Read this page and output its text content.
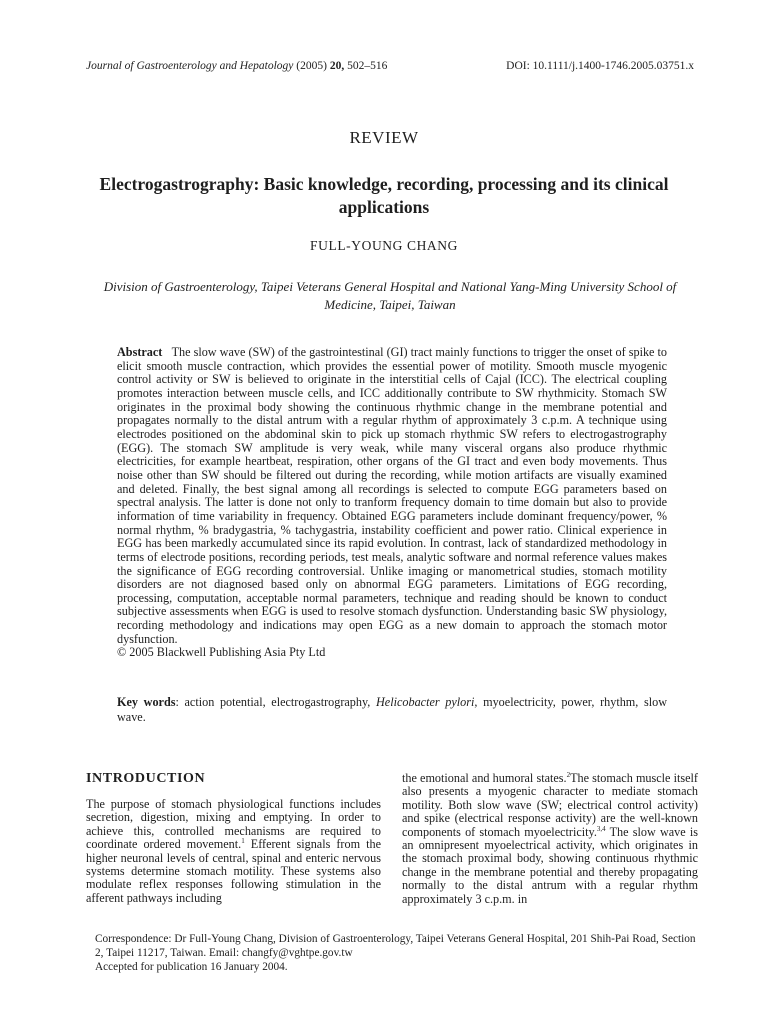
Journal of Gastroenterology and Hepatology (2005) 20, 502–516	DOI: 10.1111/j.1400-1746.2005.03751.x
REVIEW
Electrogastrography: Basic knowledge, recording, processing and its clinical applications
FULL-YOUNG CHANG
Division of Gastroenterology, Taipei Veterans General Hospital and National Yang-Ming University School of Medicine, Taipei, Taiwan
Abstract The slow wave (SW) of the gastrointestinal (GI) tract mainly functions to trigger the onset of spike to elicit smooth muscle contraction, which provides the essential power of motility. Smooth muscle myogenic control activity or SW is believed to originate in the interstitial cells of Cajal (ICC). The electrical coupling promotes interaction between muscle cells, and ICC additionally contribute to SW rhythmicity. Stomach SW originates in the proximal body showing the continuous rhythmic change in the membrane potential and propagates normally to the distal antrum with a regular rhythm of approximately 3 c.p.m. A technique using electrodes positioned on the abdominal skin to pick up stomach rhythmic SW refers to electrogastrography (EGG). The stomach SW amplitude is very weak, while many visceral organs also produce rhythmic electricities, for example heartbeat, respiration, other organs of the GI tract and even body movements. Thus noise other than SW should be filtered out during the recording, while motion artifacts are visually examined and deleted. Finally, the best signal among all recordings is selected to compute EGG parameters based on spectral analysis. The latter is done not only to tranform frequency domain to time domain but also to provide information of time variability in frequency. Obtained EGG parameters include dominant frequency/power, % normal rhythm, % bradygastria, % tachygastria, instability coefficient and power ratio. Clinical experience in EGG has been markedly accumulated since its rapid evolution. In contrast, lack of standardized methodology in terms of electrode positions, recording periods, test meals, analytic software and normal reference values makes the significance of EGG recording controversial. Unlike imaging or manometrical studies, stomach motility disorders are not diagnosed based only on abnormal EGG parameters. Limitations of EGG recording, processing, computation, acceptable normal parameters, technique and reading should be known to conduct subjective assessments when EGG is used to resolve stomach dysfunction. Understanding basic SW physiology, recording methodology and indications may open EGG as a new domain to approach the stomach motor dysfunction.
© 2005 Blackwell Publishing Asia Pty Ltd
Key words: action potential, electrogastrography, Helicobacter pylori, myoelectricity, power, rhythm, slow wave.
INTRODUCTION
The purpose of stomach physiological functions includes secretion, digestion, mixing and emptying. In order to achieve this, controlled mechanisms are required to coordinate ordered movement.$^1$ Efferent signals from the higher neuronal levels of central, spinal and enteric nervous systems determine stomach motility. These systems also modulate reflex responses following stimulation in the afferent pathways including
the emotional and humoral states.$^2$The stomach muscle itself also presents a myogenic character to mediate stomach motility. Both slow wave (SW; electrical control activity) and spike (electrical response activity) are the well-known components of stomach myoelectricity.$^{3,4}$ The slow wave is an omnipresent myoelectrical activity, which originates in the stomach proximal body, showing continuous rhythmic change in the membrane potential and thereby propagating normally to the distal antrum with a regular rhythm approximately 3 c.p.m. in
Correspondence: Dr Full-Young Chang, Division of Gastroenterology, Taipei Veterans General Hospital, 201 Shih-Pai Road, Section 2, Taipei 11217, Taiwan. Email: changfy@vghtpe.gov.tw
Accepted for publication 16 January 2004.
